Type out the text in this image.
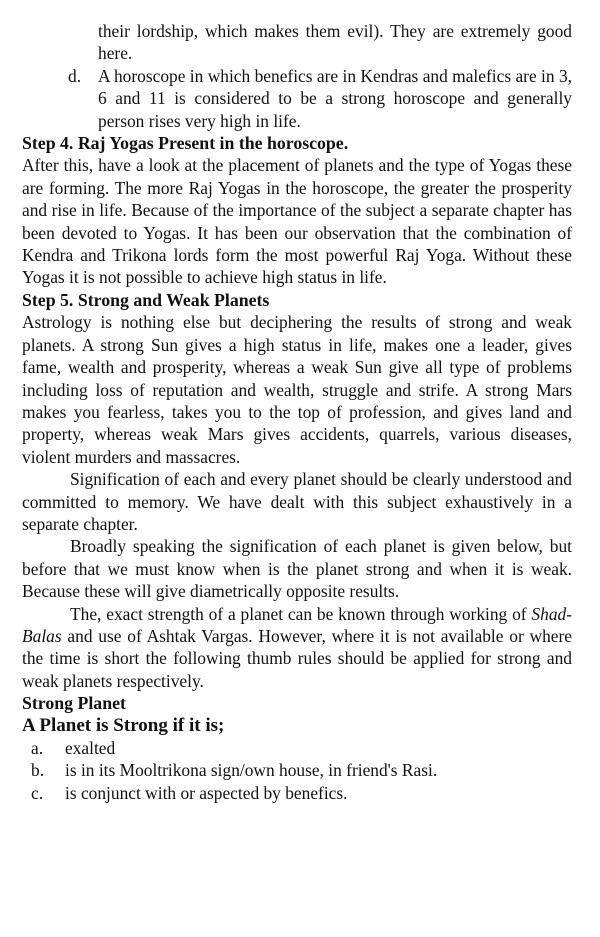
their lordship, which makes them evil). They are extremely good here.

d. A horoscope in which benefics are in Kendras and malefics are in 3, 6 and 11 is considered to be a strong horoscope and generally person rises very high in life.
Step 4. Raj Yogas Present in the horoscope.

After this, have a look at the placement of planets and the type of Yogas these are forming. The more Raj Yogas in the horoscope, the greater the prosperity and rise in life. Because of the importance of the subject a separate chapter has been devoted to Yogas. It has been our observation that the combination of Kendra and Trikona lords form the most powerful Raj Yoga. Without these Yogas it is not possible to achieve high status in life.

Step 5. Strong and Weak Planets

Astrology is nothing else but deciphering the results of strong and weak planets. A strong Sun gives a high status in life, makes one a leader, gives fame, wealth and prosperity, whereas a weak Sun give all type of problems including loss of reputation and wealth, struggle and strife. A strong Mars makes you fearless, takes you to the top of profession, and gives land and property, whereas weak Mars gives accidents, quarrels, various diseases, violent murders and massacres.

Signification of each and every planet should be clearly understood and committed to memory. We have dealt with this subject exhaustively in a separate chapter.

Broadly speaking the signification of each planet is given below, but before that we must know when is the planet strong and when it is weak. Because these will give diametrically opposite results.

The, exact strength of a planet can be known through working of Shad-Balas and use of Ashtak Vargas. However, where it is not available or where the time is short the following thumb rules should be applied for strong and weak planets respectively.

Strong Planet
A Planet is Strong if it is;
a.	exalted
b.	is in its Mooltrikona sign/own house, in friend's Rasi.
c.	is conjunct with or aspected by benefics.
